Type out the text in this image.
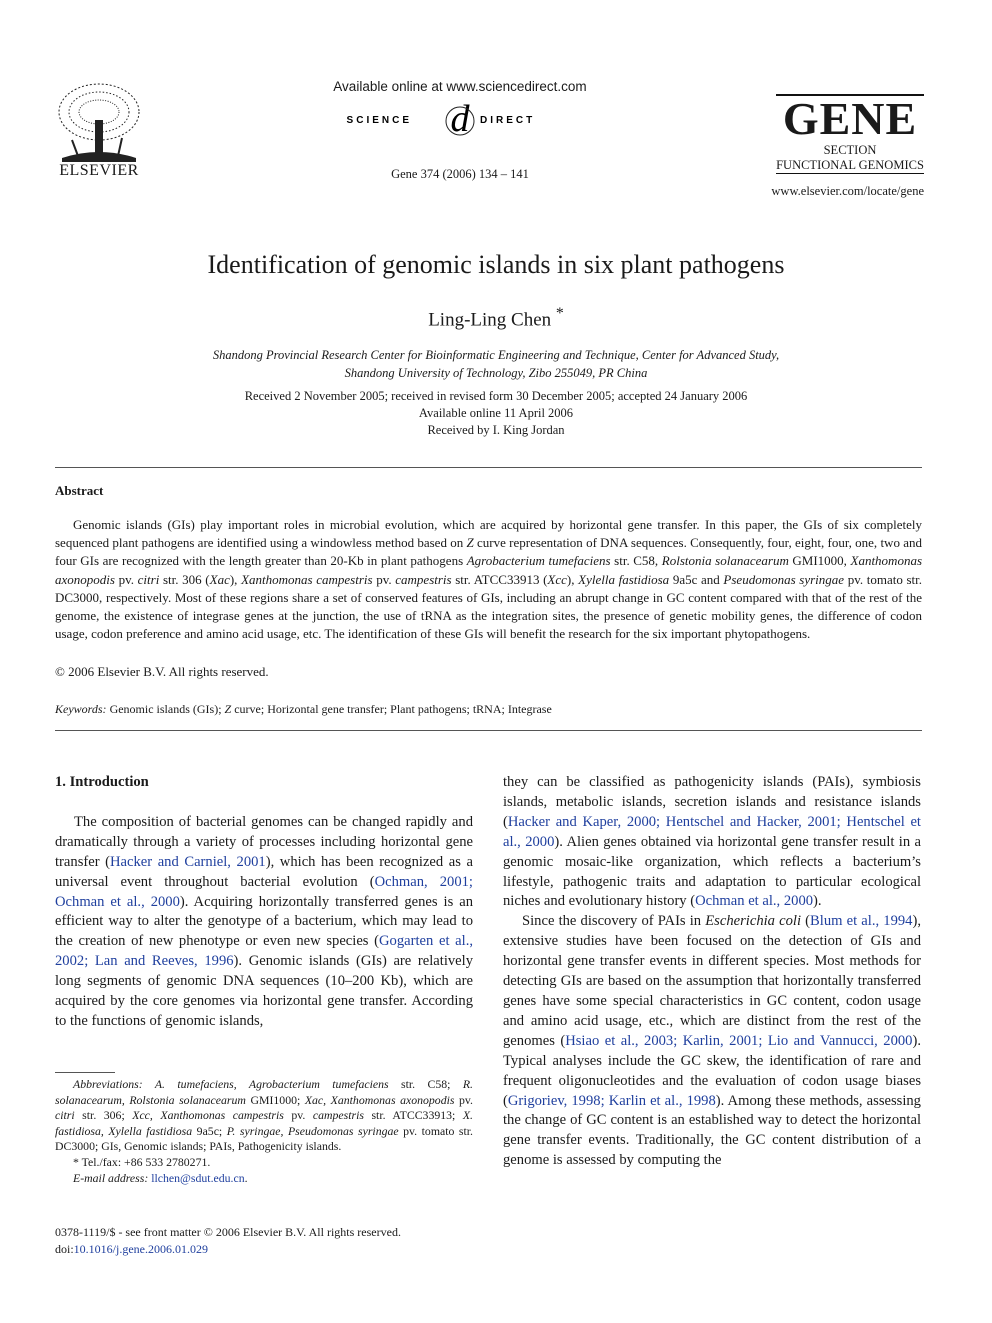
ELSEVIER
Available online at www.sciencedirect.com
SCIENCE d DIRECT
Gene 374 (2006) 134 – 141
GENE
SECTION
FUNCTIONAL GENOMICS
www.elsevier.com/locate/gene
Identification of genomic islands in six plant pathogens
Ling-Ling Chen *
Shandong Provincial Research Center for Bioinformatic Engineering and Technique, Center for Advanced Study,
Shandong University of Technology, Zibo 255049, PR China
Received 2 November 2005; received in revised form 30 December 2005; accepted 24 January 2006
Available online 11 April 2006
Received by I. King Jordan
Abstract

Genomic islands (GIs) play important roles in microbial evolution, which are acquired by horizontal gene transfer. In this paper, the GIs of six completely sequenced plant pathogens are identified using a windowless method based on Z curve representation of DNA sequences. Consequently, four, eight, four, one, two and four GIs are recognized with the length greater than 20-Kb in plant pathogens Agrobacterium tumefaciens str. C58, Rolstonia solanacearum GMI1000, Xanthomonas axonopodis pv. citri str. 306 (Xac), Xanthomonas campestris pv. campestris str. ATCC33913 (Xcc), Xylella fastidiosa 9a5c and Pseudomonas syringae pv. tomato str. DC3000, respectively. Most of these regions share a set of conserved features of GIs, including an abrupt change in GC content compared with that of the rest of the genome, the existence of integrase genes at the junction, the use of tRNA as the integration sites, the presence of genetic mobility genes, the difference of codon usage, codon preference and amino acid usage, etc. The identification of these GIs will benefit the research for the six important phytopathogens.

© 2006 Elsevier B.V. All rights reserved.
Keywords: Genomic islands (GIs); Z curve; Horizontal gene transfer; Plant pathogens; tRNA; Integrase
1. Introduction

The composition of bacterial genomes can be changed rapidly and dramatically through a variety of processes including horizontal gene transfer (Hacker and Carniel, 2001), which has been recognized as a universal event throughout bacterial evolution (Ochman, 2001; Ochman et al., 2000). Acquiring horizontally transferred genes is an efficient way to alter the genotype of a bacterium, which may lead to the creation of new phenotype or even new species (Gogarten et al., 2002; Lan and Reeves, 1996). Genomic islands (GIs) are relatively long segments of genomic DNA sequences (10–200 Kb), which are acquired by the core genomes via horizontal gene transfer. According to the functions of genomic islands,

Abbreviations: A. tumefaciens, Agrobacterium tumefaciens str. C58; R. solanacearum, Rolstonia solanacearum GMI1000; Xac, Xanthomonas axonopodis pv. citri str. 306; Xcc, Xanthomonas campestris pv. campestris str. ATCC33913; X. fastidiosa, Xylella fastidiosa 9a5c; P. syringae, Pseudomonas syringae pv. tomato str. DC3000; GIs, Genomic islands; PAIs, Pathogenicity islands.

* Tel./fax: +86 533 2780271.

E-mail address: llchen@sdut.edu.cn.

0378-1119/$ - see front matter © 2006 Elsevier B.V. All rights reserved.
doi:10.1016/j.gene.2006.01.029

they can be classified as pathogenicity islands (PAIs), symbiosis islands, metabolic islands, secretion islands and resistance islands (Hacker and Kaper, 2000; Hentschel and Hacker, 2001; Hentschel et al., 2000). Alien genes obtained via horizontal gene transfer result in a genomic mosaic-like organization, which reflects a bacterium’s lifestyle, pathogenic traits and adaptation to particular ecological niches and evolutionary history (Ochman et al., 2000).

Since the discovery of PAIs in Escherichia coli (Blum et al., 1994), extensive studies have been focused on the detection of GIs and horizontal gene transfer events in different species. Most methods for detecting GIs are based on the assumption that horizontally transferred genes have some special characteristics in GC content, codon usage and amino acid usage, etc., which are distinct from the rest of the genomes (Hsiao et al., 2003; Karlin, 2001; Lio and Vannucci, 2000). Typical analyses include the GC skew, the identification of rare and frequent oligonucleotides and the evaluation of codon usage biases (Grigoriev, 1998; Karlin et al., 1998). Among these methods, assessing the change of GC content is an established way to detect the horizontal gene transfer events. Traditionally, the GC content distribution of a genome is assessed by computing the
